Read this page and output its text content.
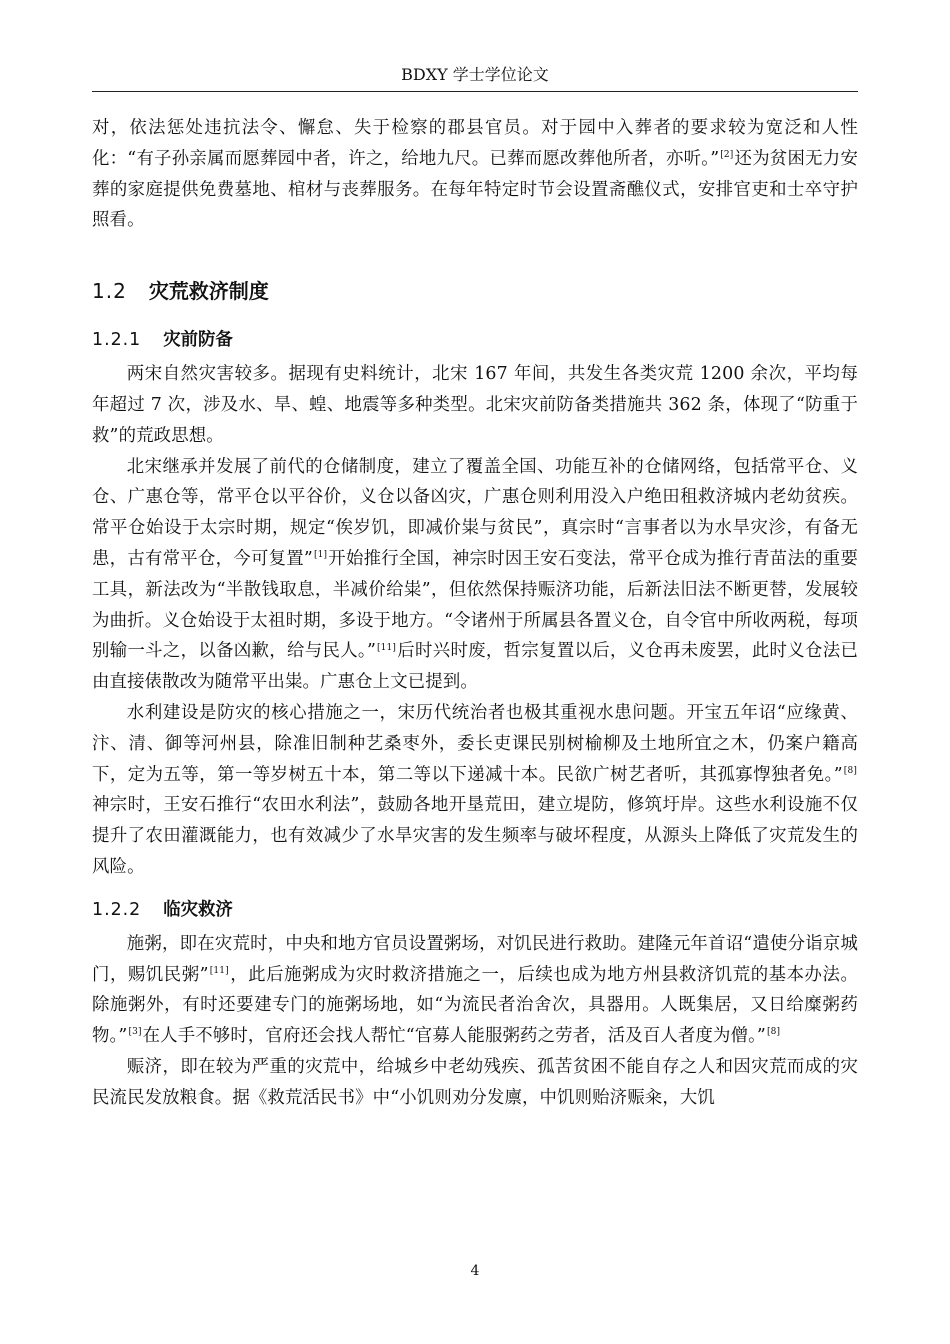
BDXY 学士学位论文

对，依法惩处违抗法令、懈怠、失于检察的郡县官员。对于园中入葬者的要求较为宽泛和人性化：“有子孙亲属而愿葬园中者，许之，给地九尺。已葬而愿改葬他所者，亦听。”[2]还为贫困无力安葬的家庭提供免费墓地、棺材与丧葬服务。在每年特定时节会设置斋醮仪式，安排官吏和士卒守护照看。

1.2 灾荒救济制度
1.2.1 灾前防备

两宋自然灾害较多。据现有史料统计，北宋 167 年间，共发生各类灾荒 1200 余次，平均每年超过 7 次，涉及水、旱、蝗、地震等多种类型。北宋灾前防备类措施共 362 条，体现了“防重于救”的荒政思想。

北宋继承并发展了前代的仓储制度，建立了覆盖全国、功能互补的仓储网络，包括常平仓、义仓、广惠仓等，常平仓以平谷价，义仓以备凶灾，广惠仓则利用没入户绝田租救济城内老幼贫疾。常平仓始设于太宗时期，规定“俟岁饥，即减价粜与贫民”，真宗时“言事者以为水旱灾沴，有备无患，古有常平仓，今可复置”[1]开始推行全国，神宗时因王安石变法，常平仓成为推行青苗法的重要工具，新法改为“半散钱取息，半减价给粜”，但依然保持赈济功能，后新法旧法不断更替，发展较为曲折。义仓始设于太祖时期，多设于地方。“令诸州于所属县各置义仓，自令官中所收两税，每项别输一斗之，以备凶歉，给与民人。”[11]后时兴时废，哲宗复置以后，义仓再未废罢，此时义仓法已由直接俵散改为随常平出粜。广惠仓上文已提到。

水利建设是防灾的核心措施之一，宋历代统治者也极其重视水患问题。开宝五年诏“应缘黄、汴、清、御等河州县，除准旧制种艺桑枣外，委长吏课民别树榆柳及土地所宜之木，仍案户籍高下，定为五等，第一等岁树五十本，第二等以下递减十本。民欲广树艺者听，其孤寡惸独者免。”[8]神宗时，王安石推行“农田水利法”，鼓励各地开垦荒田，建立堤防，修筑圩岸。这些水利设施不仅提升了农田灌溉能力，也有效减少了水旱灾害的发生频率与破坏程度，从源头上降低了灾荒发生的风险。

1.2.2 临灾救济

施粥，即在灾荒时，中央和地方官员设置粥场，对饥民进行救助。建隆元年首诏“遣使分诣京城门，赐饥民粥”[11]，此后施粥成为灾时救济措施之一，后续也成为地方州县救济饥荒的基本办法。除施粥外，有时还要建专门的施粥场地，如“为流民者治舍次，具器用。人既集居，又日给糜粥药物。”[3]在人手不够时，官府还会找人帮忙“官募人能服粥药之劳者，活及百人者度为僧。”[8]

赈济，即在较为严重的灾荒中，给城乡中老幼残疾、孤苦贫困不能自存之人和因灾荒而成的灾民流民发放粮食。据《救荒活民书》中“小饥则劝分发廪，中饥则贻济赈籴，大饥

4
